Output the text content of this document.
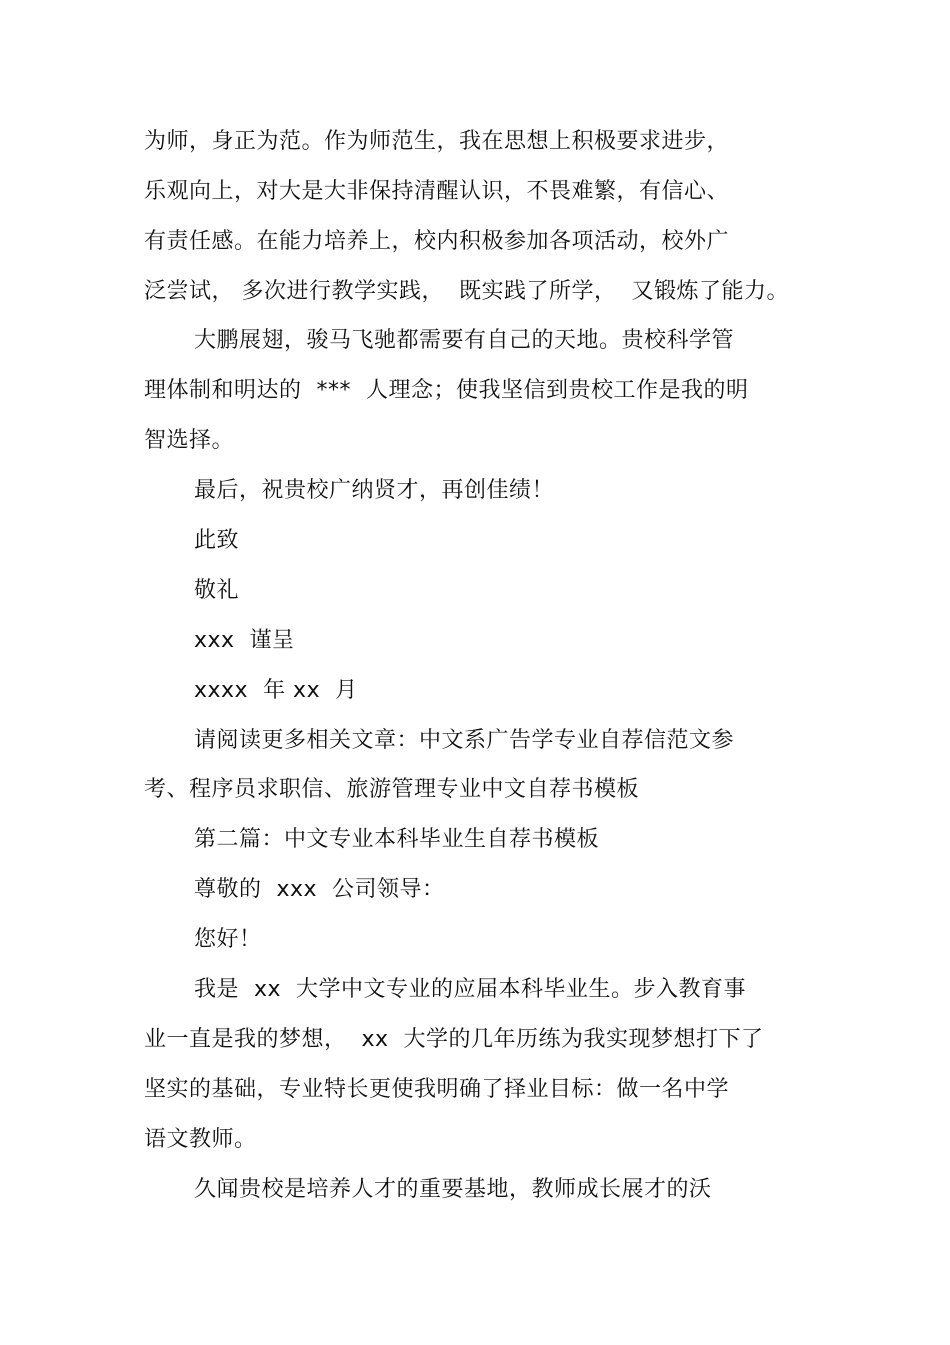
为师，身正为范。作为师范生，我在思想上积极要求进步，
乐观向上，对大是大非保持清醒认识，不畏难繁，有信心、
有责任感。在能力培养上，校内积极参加各项活动，校外广
泛尝试， 多次进行教学实践，  既实践了所学，  又锻炼了能力。
大鹏展翅，骏马飞驰都需要有自己的天地。贵校科学管
理体制和明达的  ***  人理念；使我坚信到贵校工作是我的明
智选择。
最后，祝贵校广纳贤才，再创佳绩！
此致
敬礼
xxx  谨呈
xxxx  年 xx  月
请阅读更多相关文章：中文系广告学专业自荐信范文参
考、程序员求职信、旅游管理专业中文自荐书模板
第二篇：中文专业本科毕业生自荐书模板
尊敬的  xxx  公司领导：
您好！
我是  xx  大学中文专业的应届本科毕业生。步入教育事
业一直是我的梦想，  xx  大学的几年历练为我实现梦想打下了
坚实的基础，专业特长更使我明确了择业目标：做一名中学
语文教师。
久闻贵校是培养人才的重要基地，教师成长展才的沃
